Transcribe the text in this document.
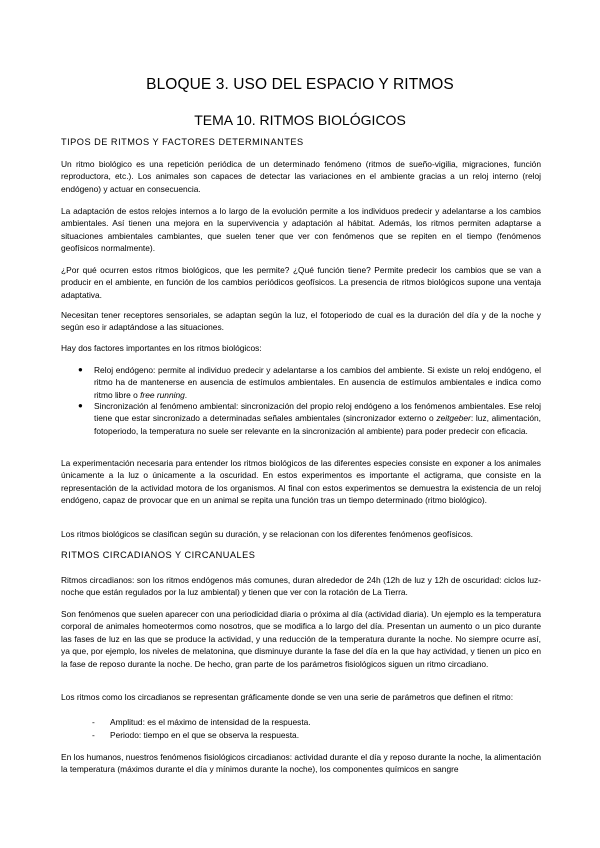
BLOQUE 3. USO DEL ESPACIO Y RITMOS
TEMA 10. RITMOS BIOLÓGICOS
TIPOS DE RITMOS Y FACTORES DETERMINANTES
Un ritmo biológico es una repetición periódica de un determinado fenómeno (ritmos de sueño-vigilia, migraciones, función reproductora, etc.). Los animales son capaces de detectar las variaciones en el ambiente gracias a un reloj interno (reloj endógeno) y actuar en consecuencia.
La adaptación de estos relojes internos a lo largo de la evolución permite a los individuos predecir y adelantarse a los cambios ambientales. Así tienen una mejora en la supervivencia y adaptación al hábitat. Además, los ritmos permiten adaptarse a situaciones ambientales cambiantes, que suelen tener que ver con fenómenos que se repiten en el tiempo (fenómenos geofísicos normalmente).
¿Por qué ocurren estos ritmos biológicos, que les permite? ¿Qué función tiene? Permite predecir los cambios que se van a producir en el ambiente, en función de los cambios periódicos geofísicos. La presencia de ritmos biológicos supone una ventaja adaptativa.
Necesitan tener receptores sensoriales, se adaptan según la luz, el fotoperiodo de cual es la duración del día y de la noche y según eso ir adaptándose a las situaciones.
Hay dos factores importantes en los ritmos biológicos:
● Reloj endógeno: permite al individuo predecir y adelantarse a los cambios del ambiente. Si existe un reloj endógeno, el ritmo ha de mantenerse en ausencia de estímulos ambientales. En ausencia de estímulos ambientales e indica como ritmo libre o free running.
● Sincronización al fenómeno ambiental: sincronización del propio reloj endógeno a los fenómenos ambientales. Ese reloj tiene que estar sincronizado a determinadas señales ambientales (sincronizador externo o zeitgeber: luz, alimentación, fotoperiodo, la temperatura no suele ser relevante en la sincronización al ambiente) para poder predecir con eficacia.
La experimentación necesaria para entender los ritmos biológicos de las diferentes especies consiste en exponer a los animales únicamente a la luz o únicamente a la oscuridad. En estos experimentos es importante el actigrama, que consiste en la representación de la actividad motora de los organismos. Al final con estos experimentos se demuestra la existencia de un reloj endógeno, capaz de provocar que en un animal se repita una función tras un tiempo determinado (ritmo biológico).
Los ritmos biológicos se clasifican según su duración, y se relacionan con los diferentes fenómenos geofísicos.
RITMOS CIRCADIANOS Y CIRCANUALES
Ritmos circadianos: son los ritmos endógenos más comunes, duran alrededor de 24h (12h de luz y 12h de oscuridad: ciclos luz-noche que están regulados por la luz ambiental) y tienen que ver con la rotación de La Tierra.
Son fenómenos que suelen aparecer con una periodicidad diaria o próxima al día (actividad diaria). Un ejemplo es la temperatura corporal de animales homeotermos como nosotros, que se modifica a lo largo del día. Presentan un aumento o un pico durante las fases de luz en las que se produce la actividad, y una reducción de la temperatura durante la noche. No siempre ocurre así, ya que, por ejemplo, los niveles de melatonina, que disminuye durante la fase del día en la que hay actividad, y tienen un pico en la fase de reposo durante la noche. De hecho, gran parte de los parámetros fisiológicos siguen un ritmo circadiano.
Los ritmos como los circadianos se representan gráficamente donde se ven una serie de parámetros que definen el ritmo:
- Amplitud: es el máximo de intensidad de la respuesta.
- Periodo: tiempo en el que se observa la respuesta.
En los humanos, nuestros fenómenos fisiológicos circadianos: actividad durante el día y reposo durante la noche, la alimentación la temperatura (máximos durante el día y mínimos durante la noche), los componentes químicos en sangre
